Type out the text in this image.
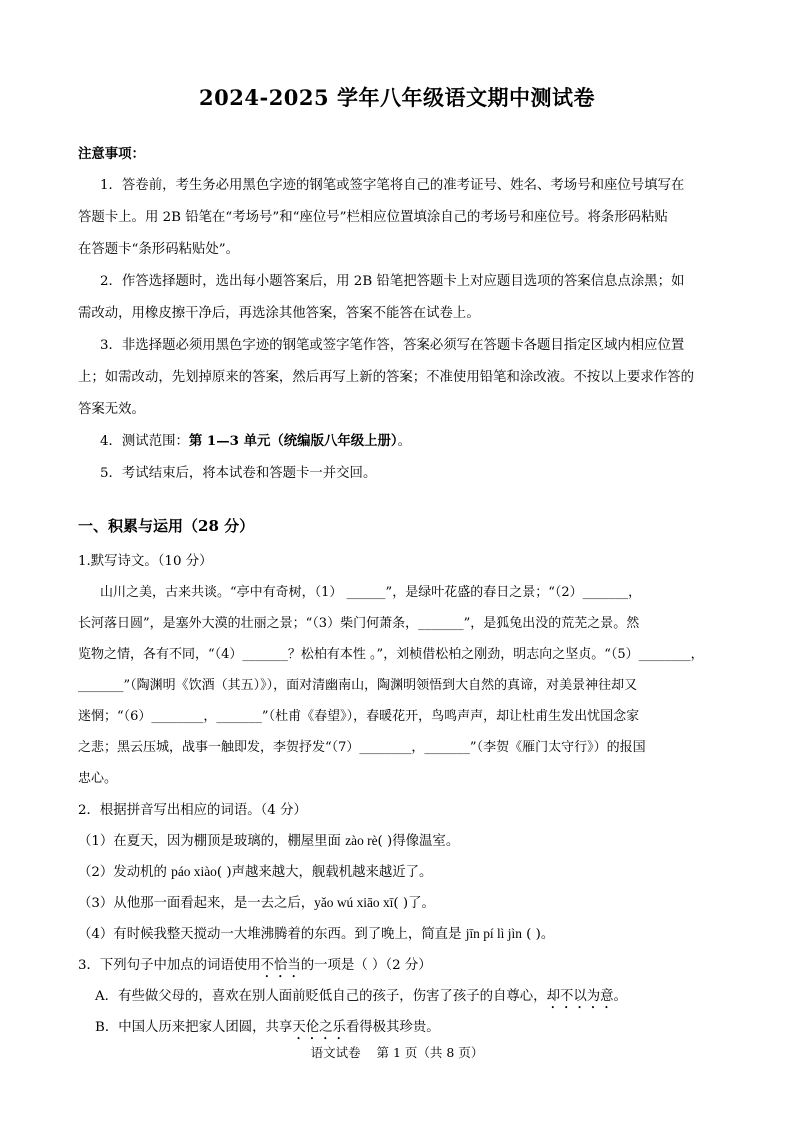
2024-2025 学年八年级语文期中测试卷
注意事项：
1．答卷前，考生务必用黑色字迹的钢笔或签字笔将自己的准考证号、姓名、考场号和座位号填写在
答题卡上。用 2B 铅笔在“考场号”和“座位号”栏相应位置填涂自己的考场号和座位号。将条形码粘贴
在答题卡“条形码粘贴处”。
2．作答选择题时，选出每小题答案后，用 2B 铅笔把答题卡上对应题目选项的答案信息点涂黑；如
需改动，用橡皮擦干净后，再选涂其他答案，答案不能答在试卷上。
3．非选择题必须用黑色字迹的钢笔或签字笔作答，答案必须写在答题卡各题目指定区域内相应位置
上；如需改动，先划掉原来的答案，然后再写上新的答案；不准使用铅笔和涂改液。不按以上要求作答的
答案无效。
4．测试范围：第 1—3 单元（统编版八年级上册）。
5．考试结束后，将本试卷和答题卡一并交回。
一、积累与运用（28 分）
1.默写诗文。（10 分）
山川之美，古来共谈。“亭中有奇树，（1） ______”，是绿叶花盛的春日之景；“（2）_______，
长河落日圆”，是塞外大漠的壮丽之景；“（3）柴门何萧条，_______”，是狐兔出没的荒芜之景。然
览物之情，各有不同，“（4）_______？松柏有本性 。”，刘桢借松柏之刚劲，明志向之坚贞。“（5）________，
_______”（陶渊明《饮酒（其五）》），面对清幽南山，陶渊明领悟到大自然的真谛，对美景神往却又
迷惘；“（6）________，_______”（杜甫《春望》），春暖花开，鸟鸣声声，却让杜甫生发出忧国念家
之悲；黑云压城，战事一触即发，李贺抒发“（7）________，_______”（李贺《雁门太守行》）的报国
忠心。
2．根据拼音写出相应的词语。（4 分）
（1）在夏天，因为棚顶是玻璃的，棚屋里面 zào rè( )得像温室。
（2）发动机的 páo xiào( )声越来越大，舰载机越来越近了。
（3）从他那一面看起来，是一去之后，yǎo wú xiāo xī( )了。
（4）有时候我整天搅动一大堆沸腾着的东西。到了晚上，简直是 jīn pí lì jìn ( )。
3．下列句子中加点的词语使用不恰当的一项是（ ）（2 分）
A．有些做父母的，喜欢在别人面前贬低自己的孩子，伤害了孩子的自尊心，却不以为意。
B．中国人历来把家人团圆，共享天伦之乐看得极其珍贵。
语文试卷    第 1 页（共 8 页）
